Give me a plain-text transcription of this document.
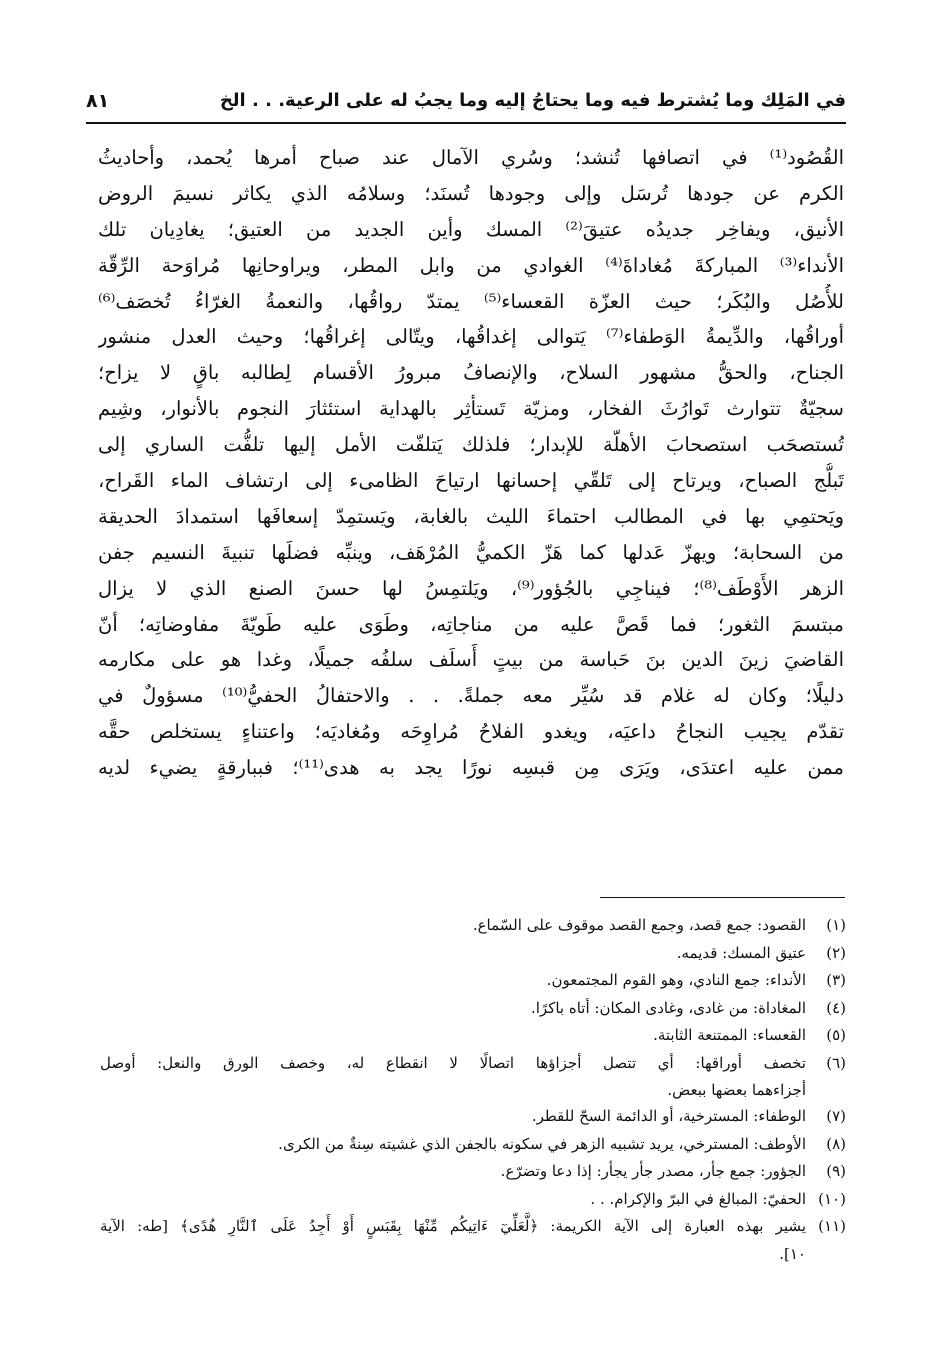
في المَلِك وما يُشترط فيه وما يحتاجُ إليه وما يجبُ له على الرعية. . . الخ
٨١
القُصُود⁽¹⁾ في اتصافها تُنشد؛ وسُري الآمال عند صباح أمرها يُحمد، وأحاديثُ
الكرم عن جودها تُرسَل وإلى وجودها تُسنَد؛ وسلامُه الذي يكاثر نسيمَ الروض
الأنيق، ويفاخِر جديدُه عتيقَ⁽²⁾ المسك وأين الجديد من العتيق؛ يغادِيان تلك
الأنداء⁽³⁾ المباركةَ مُغاداةَ⁽⁴⁾ الغوادي من وابل المطر، ويراوحانِها مُراوَحة الرِّقّة
للأُصُل والبُكَر؛ حيث العزّة القعساء⁽⁵⁾ يمتدّ رواقُها، والنعمةُ الغرّاءُ تُخصَف⁽⁶⁾
أوراقُها، والدِّيمةُ الوَطفاء⁽⁷⁾ يَتوالى إغداقُها، ويتّالى إغراقُها؛ وحيث العدل منشور
الجناح، والحقُّ مشهور السلاح، والإنصافُ مبرورُ الأقسام لِطالبه باقٍ لا يزاح؛
سجيّةٌ تتوارث تَوارُثَ الفخار، ومزيّة تَستأثِر بالهداية استئثارَ النجوم بالأنوار، وشِيم
تُستصحَب استصحابَ الأهلّة للإبدار؛ فلذلك يَتلفّت الأمل إليها تلفُّت الساري إلى
تَبلُّج الصباح، ويرتاح إلى تَلقّي إحسانها ارتياحَ الظامىء إلى ارتشاف الماء القَراح،
ويَحتمِي بها في المطالب احتماءَ الليث بالغابة، ويَستمِدّ إسعافَها استمدادَ الحديقة
من السحابة؛ ويهزّ عَدلها كما هَزّ الكميُّ المُرْهَف، وينبِّه فضلَها تنبيةَ النسيم جفن
الزهر الأَوْطَف⁽⁸⁾؛ فيناجِي بالجُؤور⁽⁹⁾، ويَلتمِسُ لها حسنَ الصنع الذي لا يزال
مبتسمَ الثغور؛ فما قَصَّ عليه من مناجاتِه، وطَوَى عليه طَويّةَ مفاوضاتِه؛ أنّ
القاضيَ زينَ الدين بنَ حَباسة من بيتٍ أَسلَف سلفُه جميلًا، وغدا هو على مكارمه
دليلًا؛ وكان له غلام قد سُيِّر معه جملةً. . . والاحتفالُ الحفيُّ⁽¹⁰⁾ مسؤولٌ في
تقدّم يجيب النجاحُ داعيَه، ويغدو الفلاحُ مُراوِحَه ومُغاديَه؛ واعتناءٍ يستخلص حقَّه
ممن عليه اعتدَى، ويَرَى مِن قبسِه نورًا يجد به هدى⁽¹¹⁾؛ فببارقةٍ يضيء لديه
(١)القصود: جمع قصد، وجمع القصد موقوف على السّماع.
(٢)عتيق المسك: قديمه.
(٣)الأنداء: جمع النادي، وهو القوم المجتمعون.
(٤)المغاداة: من غادى، وغادى المكان: أتاه باكرًا.
(٥)القعساء: الممتنعة الثابتة.
(٦)تخصف أوراقها: أي تتصل أجزاؤها اتصالًا لا انقطاع له، وخصف الورق والنعل: أوصل
أجزاءهما بعضها ببعض.
(٧)الوطفاء: المسترخية، أو الدائمة السحّ للقطر.
(٨)الأوطف: المسترخي، يريد تشبيه الزهر في سكونه بالجفن الذي غشيته سِنةٌ من الكرى.
(٩)الجؤور: جمع جأر، مصدر جأر يجأر: إذا دعا وتضرّع.
(١٠)الحفيّ: المبالغ في البرّ والإكرام. . .
(١١)يشير بهذه العبارة إلى الآية الكريمة: ﴿لَّعَلِّيٓ ءَاتِيكُم مِّنْهَا بِقَبَسٍ أَوْ أَجِدُ عَلَى ٱلنَّارِ هُدًى﴾ [طه: الآية
١٠].
